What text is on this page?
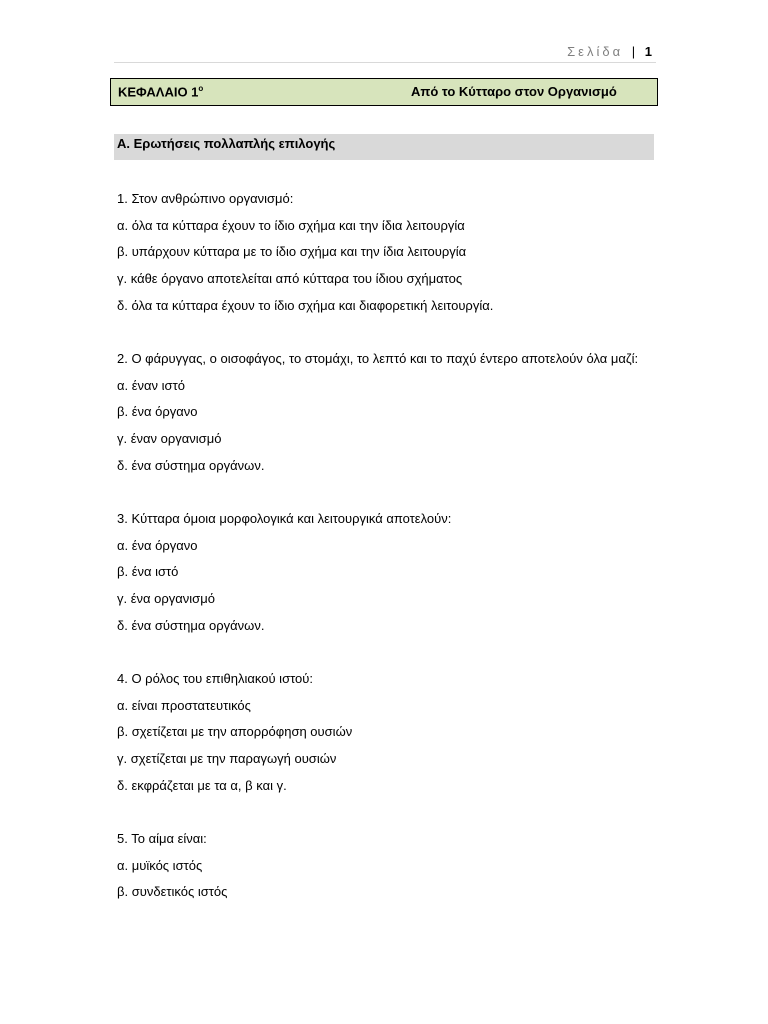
Σελίδα | 1
ΚΕΦΑΛΑΙΟ $1^o$	Από το Κύτταρο στον Οργανισμό
Α. Ερωτήσεις πολλαπλής επιλογής
1. Στον ανθρώπινο οργανισμό:
α. όλα τα κύτταρα έχουν το ίδιο σχήμα και την ίδια λειτουργία
β. υπάρχουν κύτταρα με το ίδιο σχήμα και την ίδια λειτουργία
γ. κάθε όργανο αποτελείται από κύτταρα του ίδιου σχήματος
δ. όλα τα κύτταρα έχουν το ίδιο σχήμα και διαφορετική λειτουργία.
2. Ο φάρυγγας, ο οισοφάγος, το στομάχι, το λεπτό και το παχύ έντερο αποτελούν όλα μαζί:
α. έναν ιστό
β. ένα όργανο
γ. έναν οργανισμό
δ. ένα σύστημα οργάνων.
3. Κύτταρα όμοια μορφολογικά και λειτουργικά αποτελούν:
α. ένα όργανο
β. ένα ιστό
γ. ένα οργανισμό
δ. ένα σύστημα οργάνων.
4. Ο ρόλος του επιθηλιακού ιστού:
α. είναι προστατευτικός
β. σχετίζεται με την απορρόφηση ουσιών
γ. σχετίζεται με την παραγωγή ουσιών
δ. εκφράζεται με τα α, β και γ.
5. Το αίμα είναι:
α. μυϊκός ιστός
β. συνδετικός ιστός
